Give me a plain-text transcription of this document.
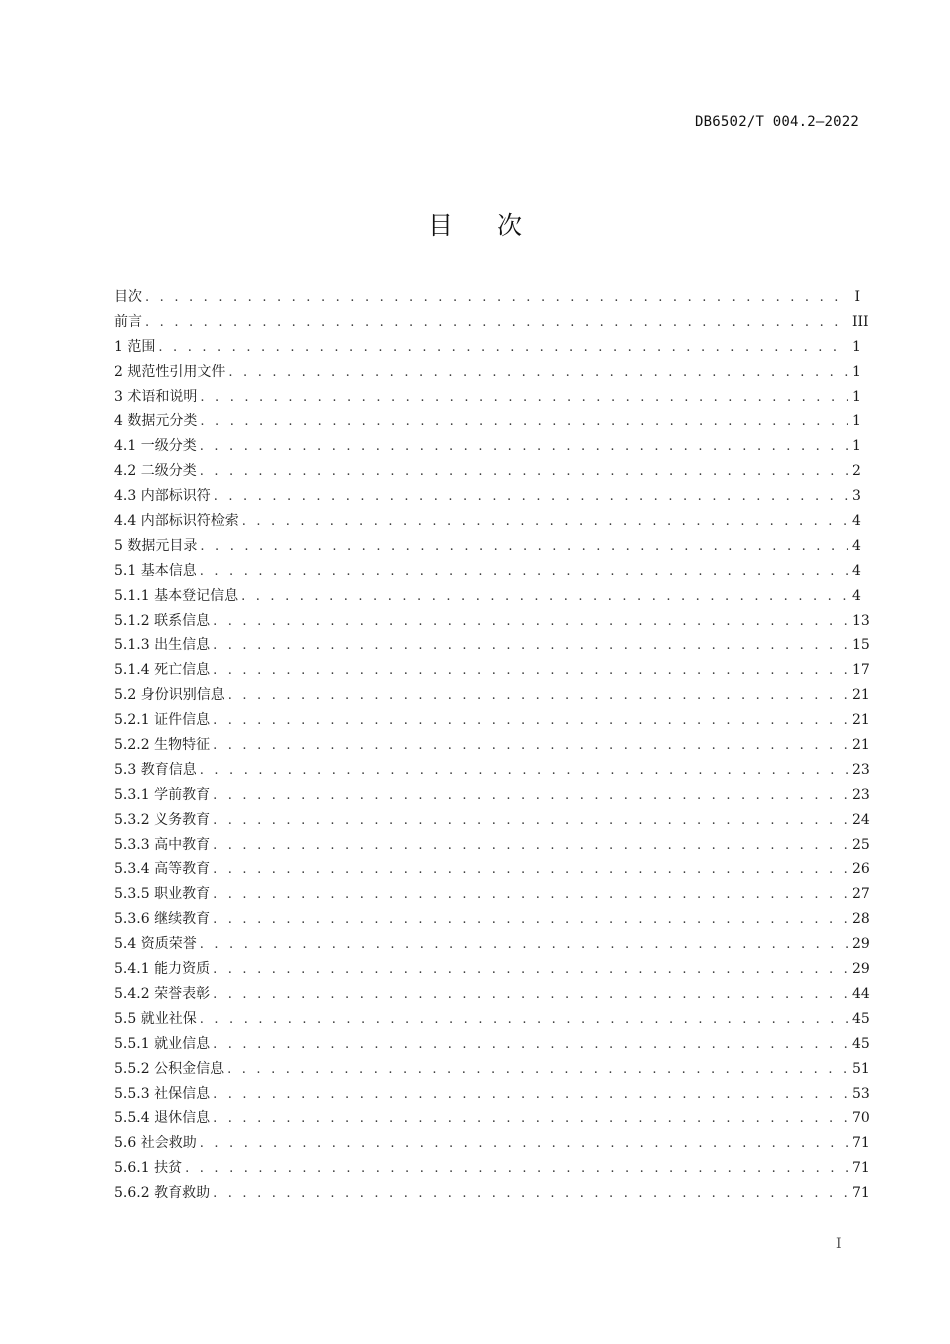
DB6502/T 004.2—2022
目次
目次 . . .	I
前言 . . .	III
1 范围 . . .	1
2 规范性引用文件 . . .	1
3 术语和说明 . . .	1
4 数据元分类 . . .	1
4.1 一级分类 . . .	1
4.2 二级分类 . . .	2
4.3 内部标识符 . . .	3
4.4 内部标识符检索 . . .	4
5 数据元目录 . . .	4
5.1 基本信息 . . .	4
5.1.1 基本登记信息 . . .	4
5.1.2 联系信息 . . .	13
5.1.3 出生信息 . . .	15
5.1.4 死亡信息 . . .	17
5.2 身份识别信息 . . .	21
5.2.1 证件信息 . . .	21
5.2.2 生物特征 . . .	21
5.3 教育信息 . . .	23
5.3.1 学前教育 . . .	23
5.3.2 义务教育 . . .	24
5.3.3 高中教育 . . .	25
5.3.4 高等教育 . . .	26
5.3.5 职业教育 . . .	27
5.3.6 继续教育 . . .	28
5.4 资质荣誉 . . .	29
5.4.1 能力资质 . . .	29
5.4.2 荣誉表彰 . . .	44
5.5 就业社保 . . .	45
5.5.1 就业信息 . . .	45
5.5.2 公积金信息 . . .	51
5.5.3 社保信息 . . .	53
5.5.4 退休信息 . . .	70
5.6 社会救助 . . .	71
5.6.1 扶贫 . . .	71
5.6.2 教育救助 . . .	71
I
